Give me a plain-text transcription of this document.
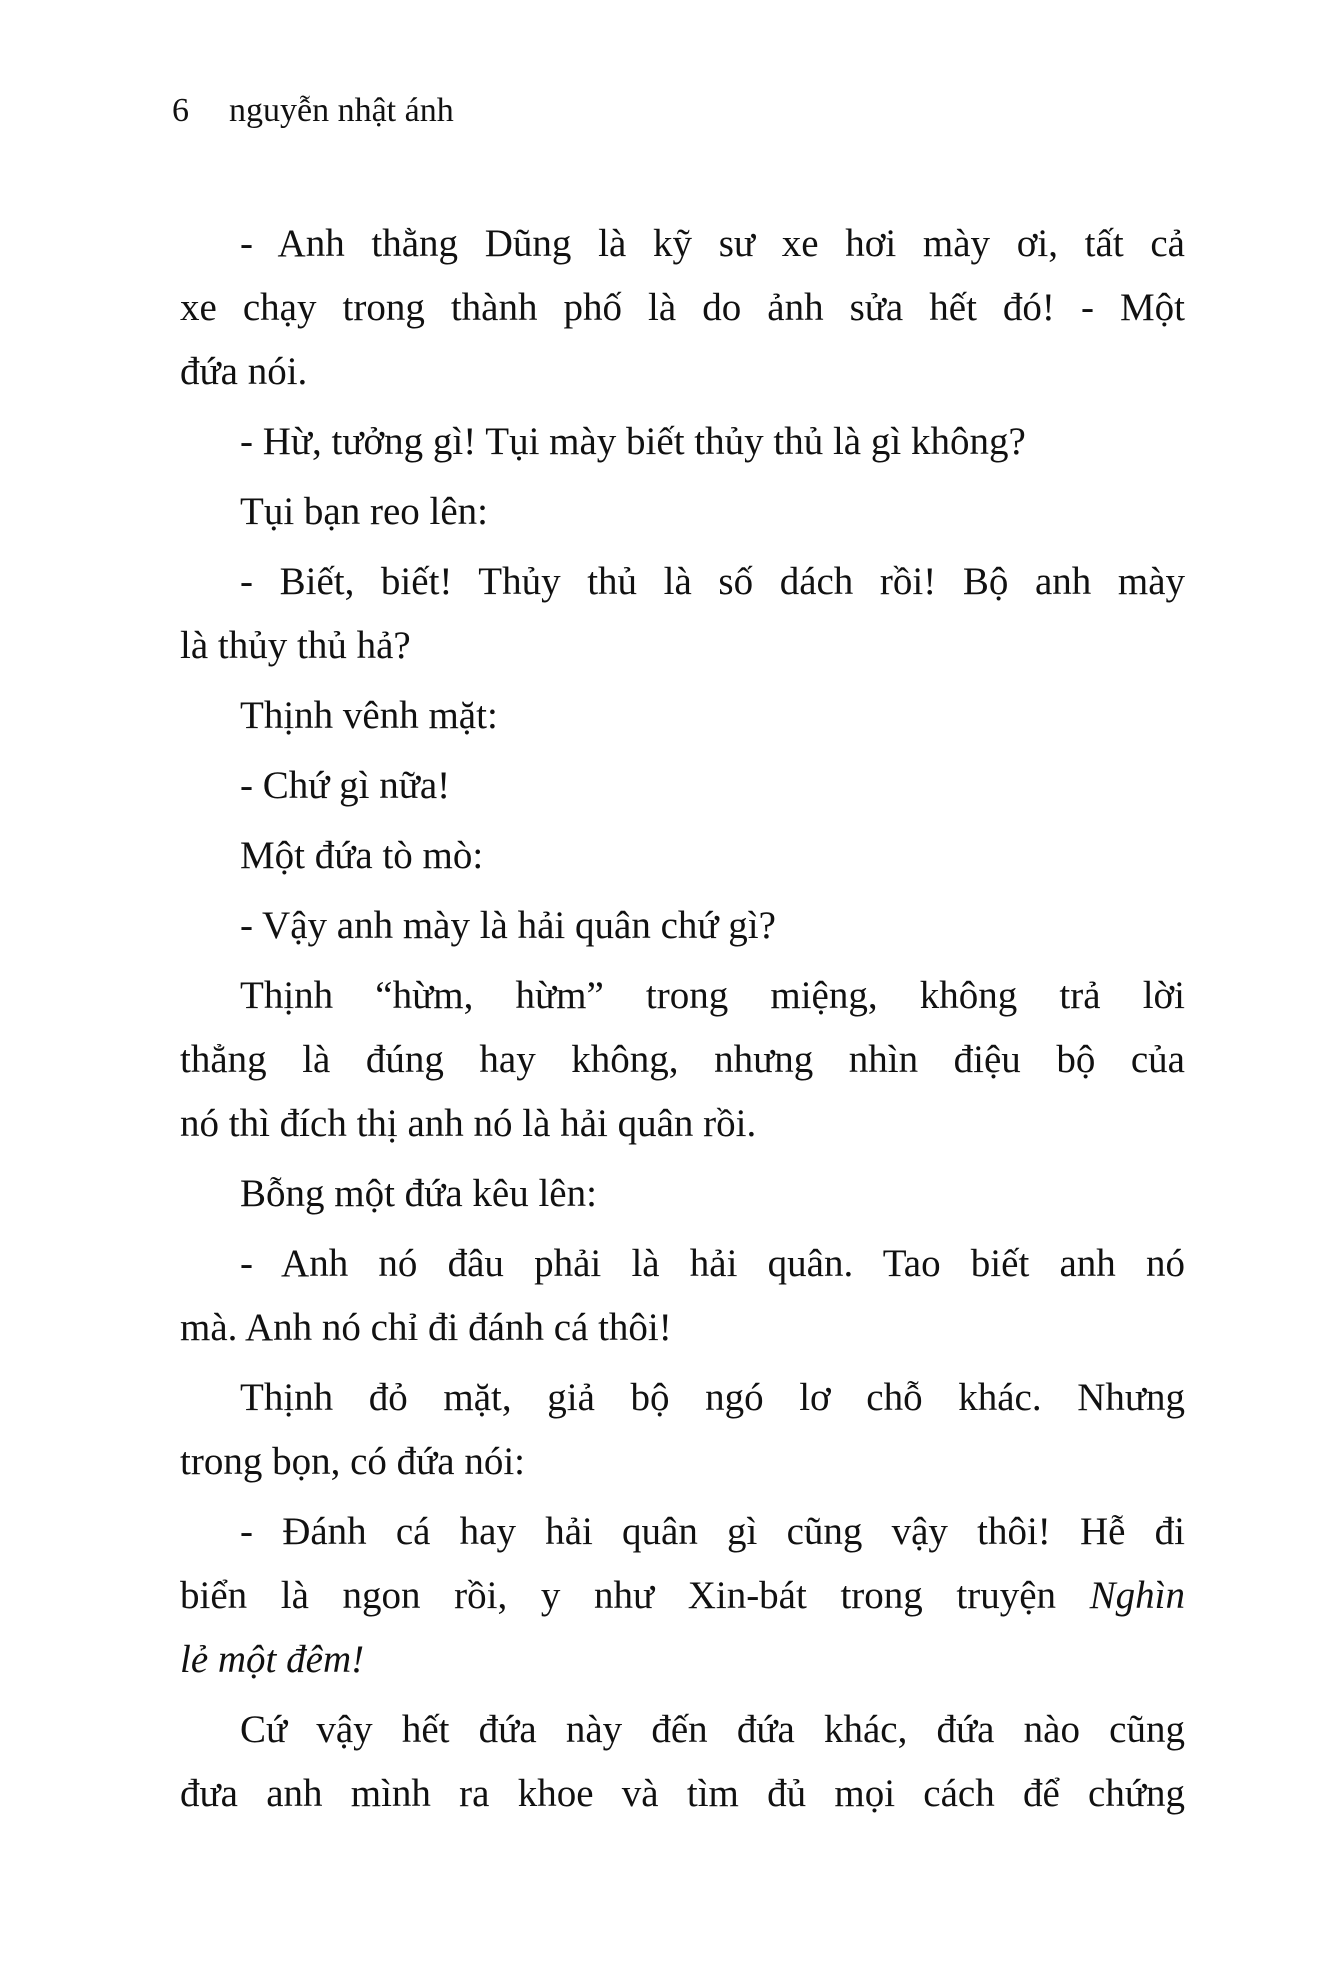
6 nguyễn nhật ánh
- Anh thằng Dũng là kỹ sư xe hơi mày ơi, tất cả
xe chạy trong thành phố là do ảnh sửa hết đó! - Một
đứa nói.
- Hừ, tưởng gì! Tụi mày biết thủy thủ là gì không?
Tụi bạn reo lên:
- Biết, biết! Thủy thủ là số dách rồi! Bộ anh mày
là thủy thủ hả?
Thịnh vênh mặt:
- Chứ gì nữa!
Một đứa tò mò:
- Vậy anh mày là hải quân chứ gì?
Thịnh “hừm, hừm” trong miệng, không trả lời
thẳng là đúng hay không, nhưng nhìn điệu bộ của
nó thì đích thị anh nó là hải quân rồi.
Bỗng một đứa kêu lên:
- Anh nó đâu phải là hải quân. Tao biết anh nó
mà. Anh nó chỉ đi đánh cá thôi!
Thịnh đỏ mặt, giả bộ ngó lơ chỗ khác. Nhưng
trong bọn, có đứa nói:
- Đánh cá hay hải quân gì cũng vậy thôi! Hễ đi
biển là ngon rồi, y như Xin-bát trong truyện Nghìn
lẻ một đêm!
Cứ vậy hết đứa này đến đứa khác, đứa nào cũng
đưa anh mình ra khoe và tìm đủ mọi cách để chứng
